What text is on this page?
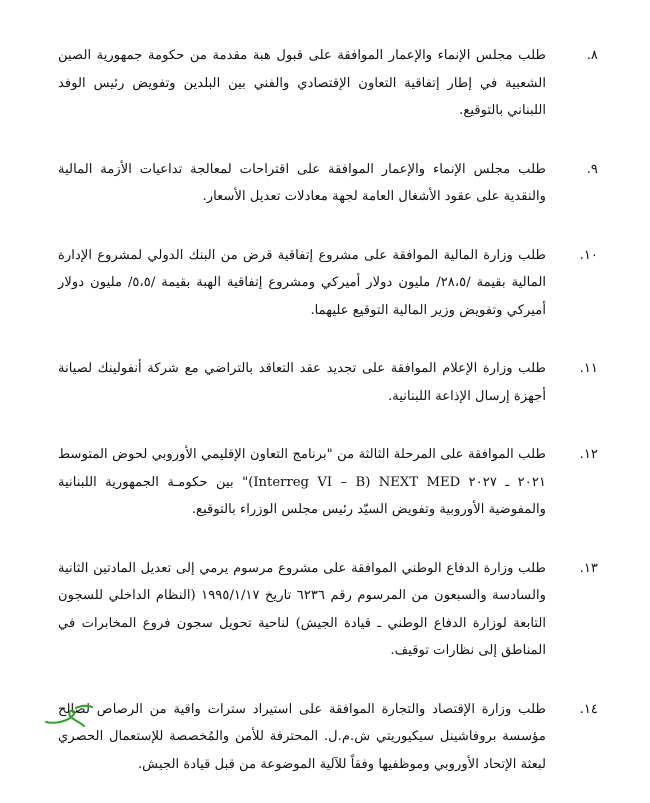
٨.
طلب مجلس الإنماء والإعمار الموافقة على قبول هبة مقدمة من حكومة جمهورية الصين الشعبية في إطار إتفاقية التعاون الإقتصادي والفني بين البلدين وتفويض رئيس الوفد اللبناني بالتوقيع.
٩.
طلب مجلس الإنماء والإعمار الموافقة على اقتراحات لمعالجة تداعيات الأزمة المالية والنقدية على عقود الأشغال العامة لجهة معادلات تعديل الأسعار.
١٠.
طلب وزارة المالية الموافقة على مشروع إتفاقية قرض من البنك الدولي لمشروع الإدارة المالية بقيمة /٢٨،٥/ مليون دولار أميركي ومشروع إتفاقية الهبة بقيمة /٥،٥/ مليون دولار أميركي وتفويض وزير المالية التوقيع عليهما.
١١.
طلب وزارة الإعلام الموافقة على تجديد عقد التعاقد بالتراضي مع شركة أنفولينك لصيانة أجهزة إرسال الإذاعة اللبنانية.
١٢.
طلب الموافقة على المرحلة الثالثة من "برنامج التعاون الإقليمي الأوروبي لحوض المتوسط ٢٠٢١ ـ ٢٠٢٧ (Interreg VI – B) NEXT MED" بين حكومـة الجمهورية اللبنانية والمفوضية الأوروبية وتفويض السيّد رئيس مجلس الوزراء بالتوقيع.
١٣.
طلب وزارة الدفاع الوطني الموافقة على مشروع مرسوم يرمي إلى تعديل المادتين الثانية والسادسة والسبعون من المرسوم رقم ٦٢٣٦ تاريخ ١٩٩٥/١/١٧ (النظام الداخلي للسجون التابعة لوزارة الدفاع الوطني ـ قيادة الجيش) لناحية تحويل سجون فروع المخابرات في المناطق إلى نظارات توقيف.
١٤.
طلب وزارة الإقتصاد والتجارة الموافقة على استيراد سترات واقية من الرصاص لصالح مؤسسة بروفاشينل سيكيوريتي ش.م.ل. المحترفة للأمن والمُخصصة للإستعمال الحصري لبعثة الإتحاد الأوروبي وموظفيها وفقاً للآلية الموضوعة من قبل قيادة الجيش.
